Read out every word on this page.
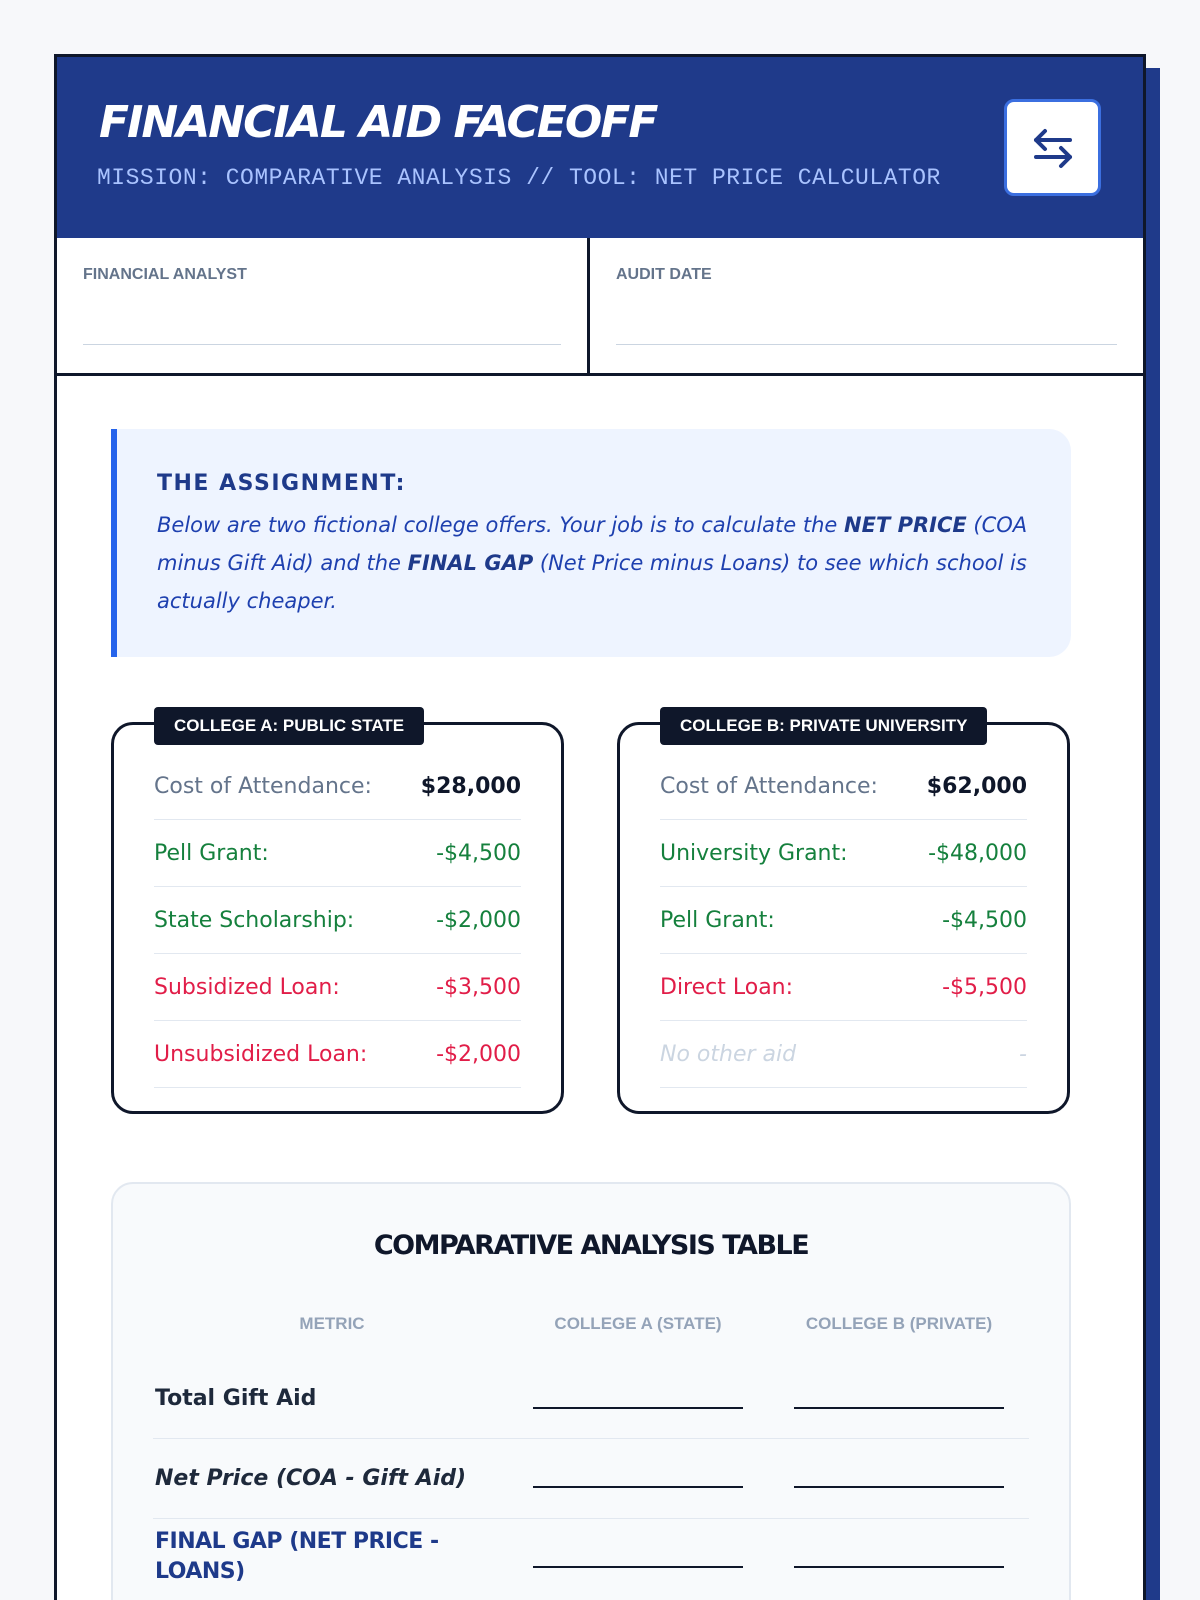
FINANCIAL AID FACEOFF
MISSION: COMPARATIVE ANALYSIS // TOOL: NET PRICE CALCULATOR
FINANCIAL ANALYST	AUDIT DATE
THE ASSIGNMENT:
Below are two fictional college offers. Your job is to calculate the NET PRICE (COA minus Gift Aid) and the FINAL GAP (Net Price minus Loans) to see which school is actually cheaper.
COLLEGE A: PUBLIC STATE
Cost of Attendance: $28,000
Pell Grant:	-$4,500
State Scholarship:	-$2,000
Subsidized Loan:	-$3,500
Unsubsidized Loan:	-$2,000
COLLEGE B: PRIVATE UNIVERSITY
Cost of Attendance: $62,000
University Grant:	-$48,000
Pell Grant:	-$4,500
Direct Loan:	-$5,500
No other aid	-
COMPARATIVE ANALYSIS TABLE
METRIC	COLLEGE A (STATE)	COLLEGE B (PRIVATE)
Total Gift Aid
Net Price (COA - Gift Aid)
FINAL GAP (NET PRICE - LOANS)
